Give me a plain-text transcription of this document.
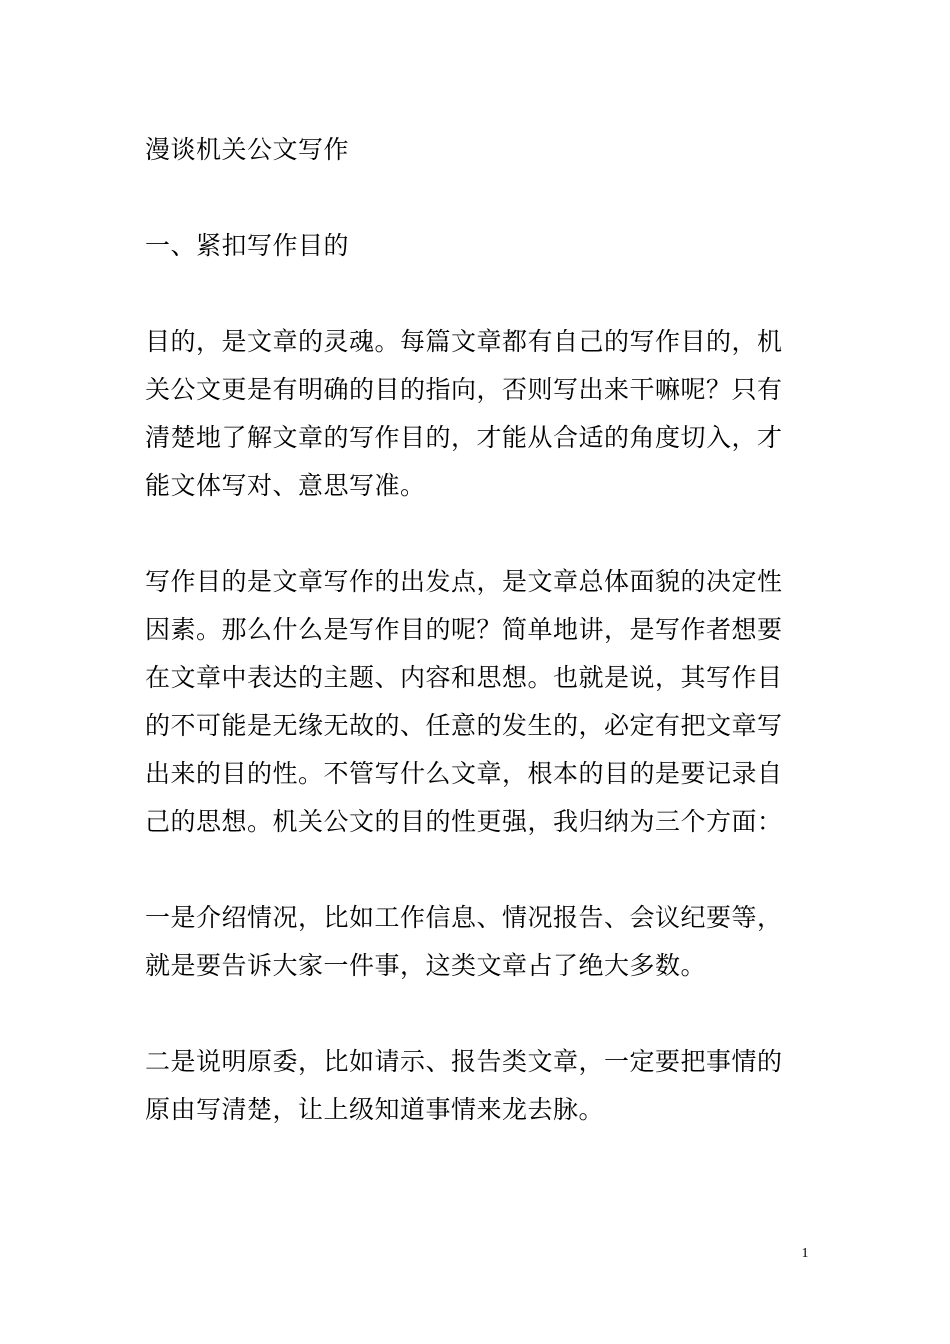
漫谈机关公文写作
一、紧扣写作目的
目的，是文章的灵魂。每篇文章都有自己的写作目的，机
关公文更是有明确的目的指向，否则写出来干嘛呢？只有
清楚地了解文章的写作目的，才能从合适的角度切入，才
能文体写对、意思写准。
写作目的是文章写作的出发点，是文章总体面貌的决定性
因素。那么什么是写作目的呢？简单地讲，是写作者想要
在文章中表达的主题、内容和思想。也就是说，其写作目
的不可能是无缘无故的、任意的发生的，必定有把文章写
出来的目的性。不管写什么文章，根本的目的是要记录自
己的思想。机关公文的目的性更强，我归纳为三个方面：
一是介绍情况，比如工作信息、情况报告、会议纪要等，
就是要告诉大家一件事，这类文章占了绝大多数。
二是说明原委，比如请示、报告类文章，一定要把事情的
原由写清楚，让上级知道事情来龙去脉。
1
